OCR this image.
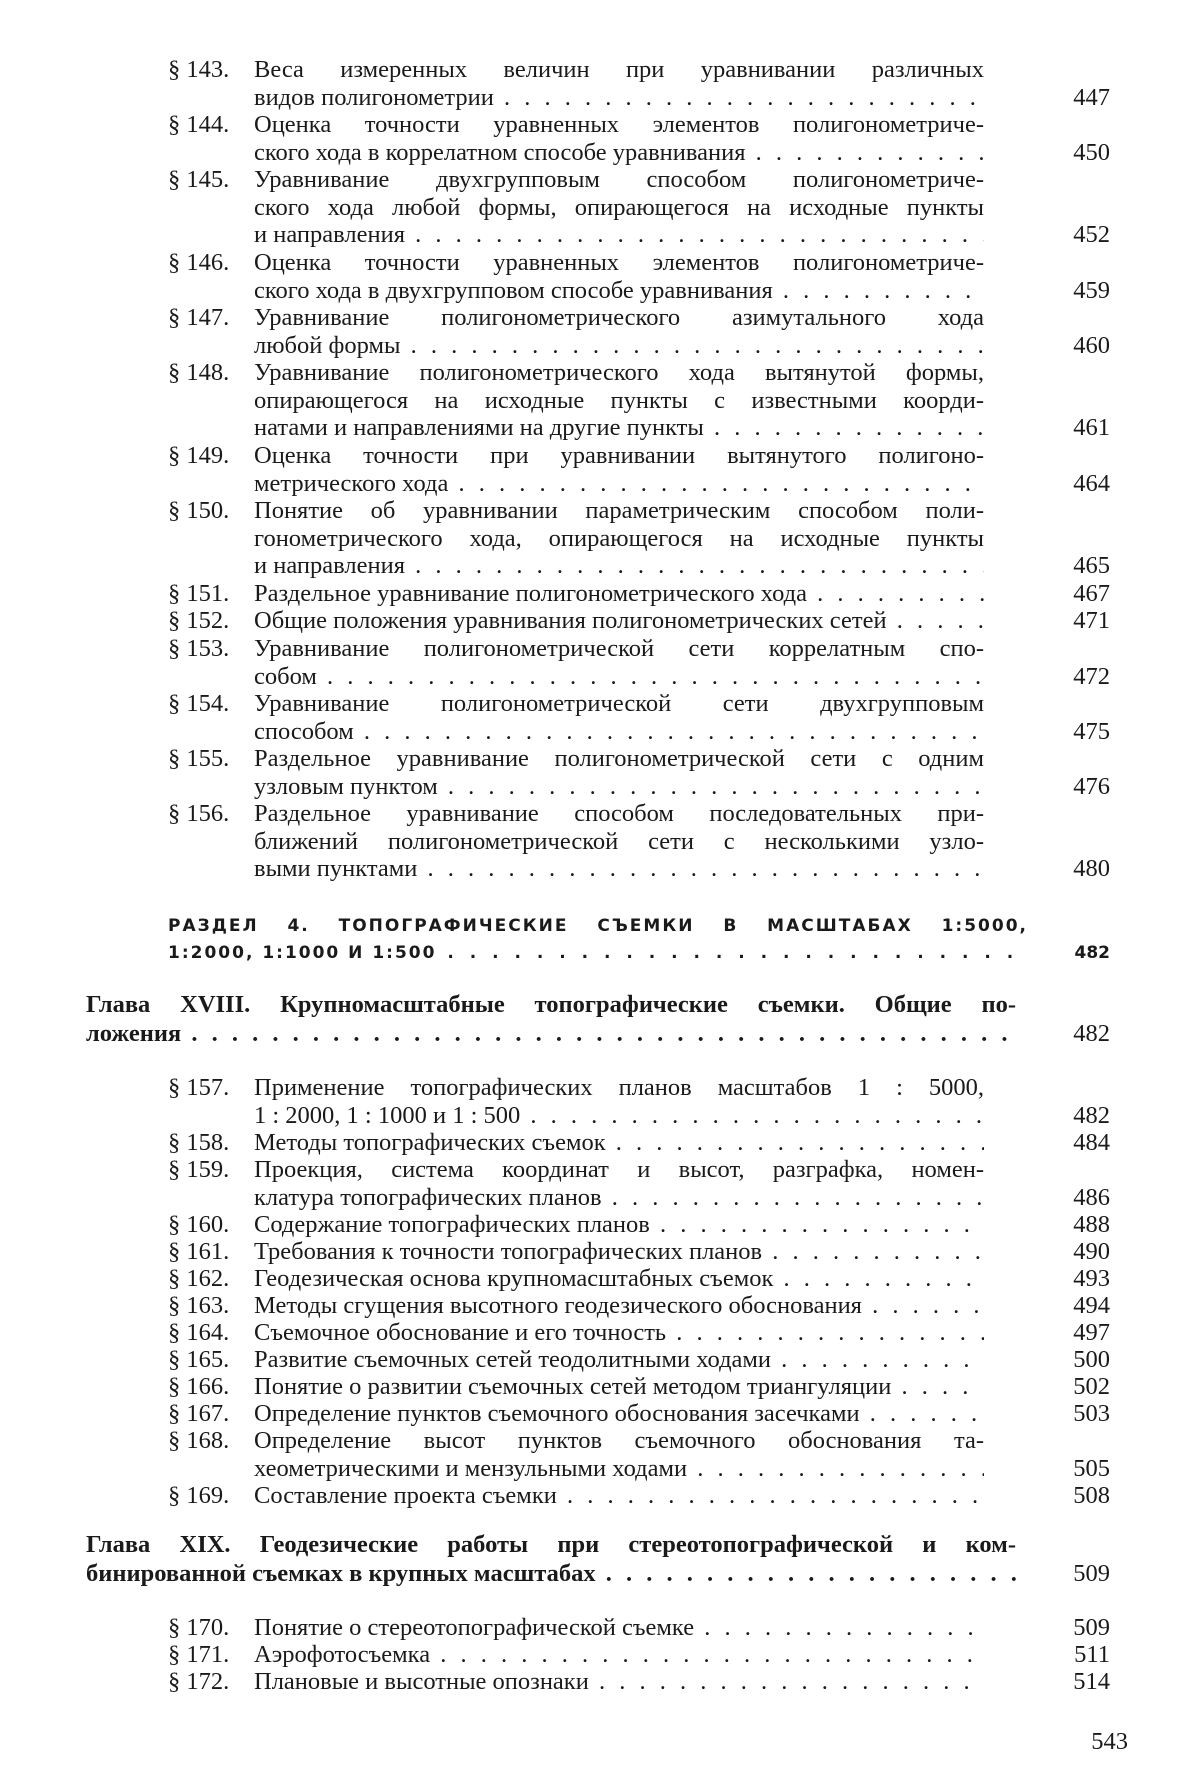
§ 143. Веса измеренных величин при уравнивании различных
видов полигонометрии . . .	447
§ 144. Оценка точности уравненных элементов полигонометриче-
ского хода в коррелатном способе уравнивания . . .	450
§ 145. Уравнивание двухгрупповым способом полигонометриче-
ского хода любой формы, опирающегося на исходные пункты
и направления . . .	452
§ 146. Оценка точности уравненных элементов полигонометриче-
ского хода в двухгрупповом способе уравнивания . . .	459
§ 147. Уравнивание полигонометрического азимутального хода
любой формы . . .	460
§ 148. Уравнивание полигонометрического хода вытянутой формы,
опирающегося на исходные пункты с известными коорди-
натами и направлениями на другие пункты . . .	461
§ 149. Оценка точности при уравнивании вытянутого полигоно-
метрического хода . . .	464
§ 150. Понятие об уравнивании параметрическим способом поли-
гонометрического хода, опирающегося на исходные пункты
и направления . . .	465
§ 151. Раздельное уравнивание полигонометрического хода . . .	467
§ 152. Общие положения уравнивания полигонометрических сетей . . .	471
§ 153. Уравнивание полигонометрической сети коррелатным спо-
собом . . .	472
§ 154. Уравнивание полигонометрической сети двухгрупповым
способом . . .	475
§ 155. Раздельное уравнивание полигонометрической сети с одним
узловым пунктом . . .	476
§ 156. Раздельное уравнивание способом последовательных при-
ближений полигонометрической сети с несколькими узло-
выми пунктами . . .	480
РАЗДЕЛ 4. ТОПОГРАФИЧЕСКИЕ СЪЕМКИ В МАСШТАБАХ 1:5000,
1:2000, 1:1000 И 1:500 . . .	482
Глава XVIII. Крупномасштабные топографические съемки. Общие по-
ложения . . .	482
§ 157. Применение топографических планов масштабов 1 : 5000,
1 : 2000, 1 : 1000 и 1 : 500 . . .	482
§ 158. Методы топографических съемок . . .	484
§ 159. Проекция, система координат и высот, разграфка, номен-
клатура топографических планов . . .	486
§ 160. Содержание топографических планов . . .	488
§ 161. Требования к точности топографических планов . . .	490
§ 162. Геодезическая основа крупномасштабных съемок . . .	493
§ 163. Методы сгущения высотного геодезического обоснования . . .	494
§ 164. Съемочное обоснование и его точность . . .	497
§ 165. Развитие съемочных сетей теодолитными ходами . . .	500
§ 166. Понятие о развитии съемочных сетей методом триангуляции . . .	502
§ 167. Определение пунктов съемочного обоснования засечками . . .	503
§ 168. Определение высот пунктов съемочного обоснования та-
хеометрическими и мензульными ходами . . .	505
§ 169. Составление проекта съемки . . .	508
Глава XIX. Геодезические работы при стереотопографической и ком-
бинированной съемках в крупных масштабах . . .	509
§ 170. Понятие о стереотопографической съемке . . .	509
§ 171. Аэрофотосъемка . . .	511
§ 172. Плановые и высотные опознаки . . .	514
543
